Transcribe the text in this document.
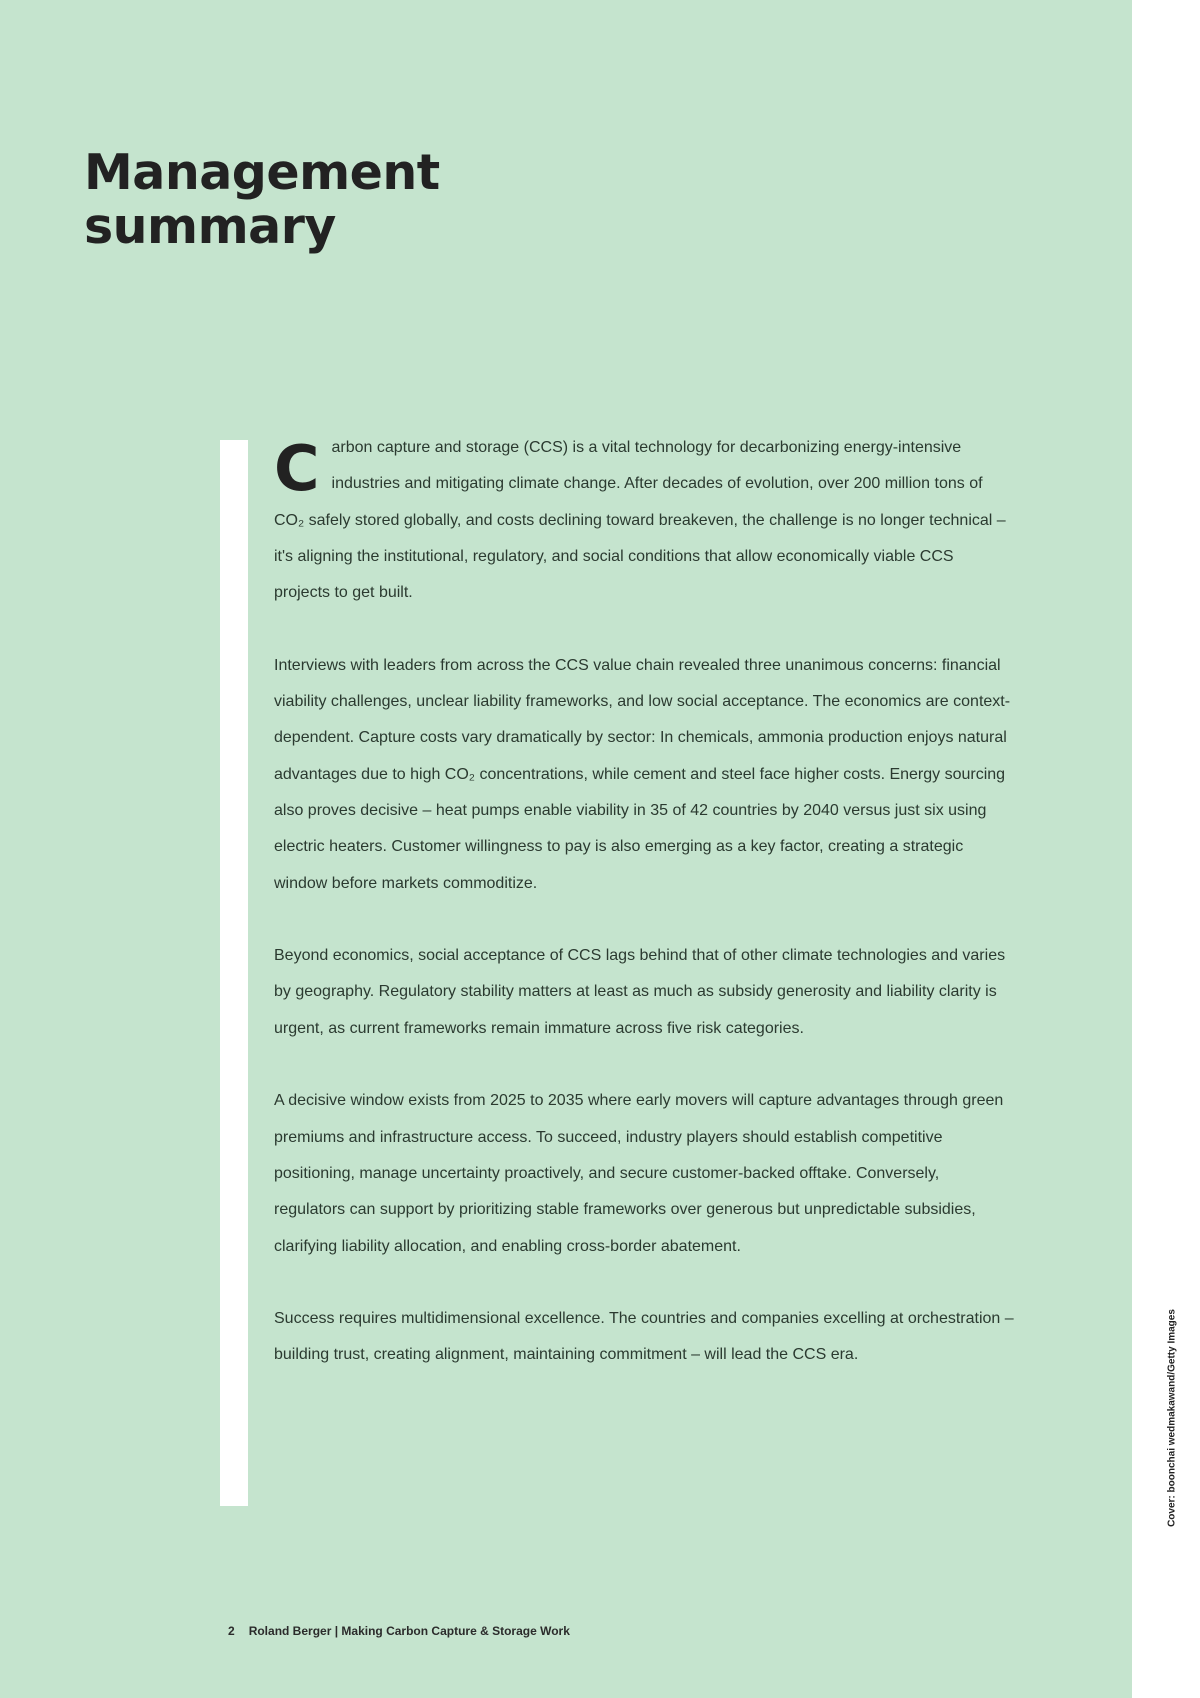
Management
summary

Carbon capture and storage (CCS) is a vital technology for decarbonizing energy-intensive industries and mitigating climate change. After decades of evolution, over 200 million tons of CO₂ safely stored globally, and costs declining toward breakeven, the challenge is no longer technical – it's aligning the institutional, regulatory, and social conditions that allow economically viable CCS projects to get built.

Interviews with leaders from across the CCS value chain revealed three unanimous concerns: financial viability challenges, unclear liability frameworks, and low social acceptance. The economics are context-dependent. Capture costs vary dramatically by sector: In chemicals, ammonia production enjoys natural advantages due to high CO₂ concentrations, while cement and steel face higher costs. Energy sourcing also proves decisive – heat pumps enable viability in 35 of 42 countries by 2040 versus just six using electric heaters. Customer willingness to pay is also emerging as a key factor, creating a strategic window before markets commoditize.

Beyond economics, social acceptance of CCS lags behind that of other climate technologies and varies by geography. Regulatory stability matters at least as much as subsidy generosity and liability clarity is urgent, as current frameworks remain immature across five risk categories.

A decisive window exists from 2025 to 2035 where early movers will capture advantages through green premiums and infrastructure access. To succeed, industry players should establish competitive positioning, manage uncertainty proactively, and secure customer-backed offtake. Conversely, regulators can support by prioritizing stable frameworks over generous but unpredictable subsidies, clarifying liability allocation, and enabling cross-border abatement.

Success requires multidimensional excellence. The countries and companies excelling at orchestration – building trust, creating alignment, maintaining commitment – will lead the CCS era.

2 Roland Berger | Making Carbon Capture & Storage Work
Cover: boonchai wedmakawand/Getty Images
